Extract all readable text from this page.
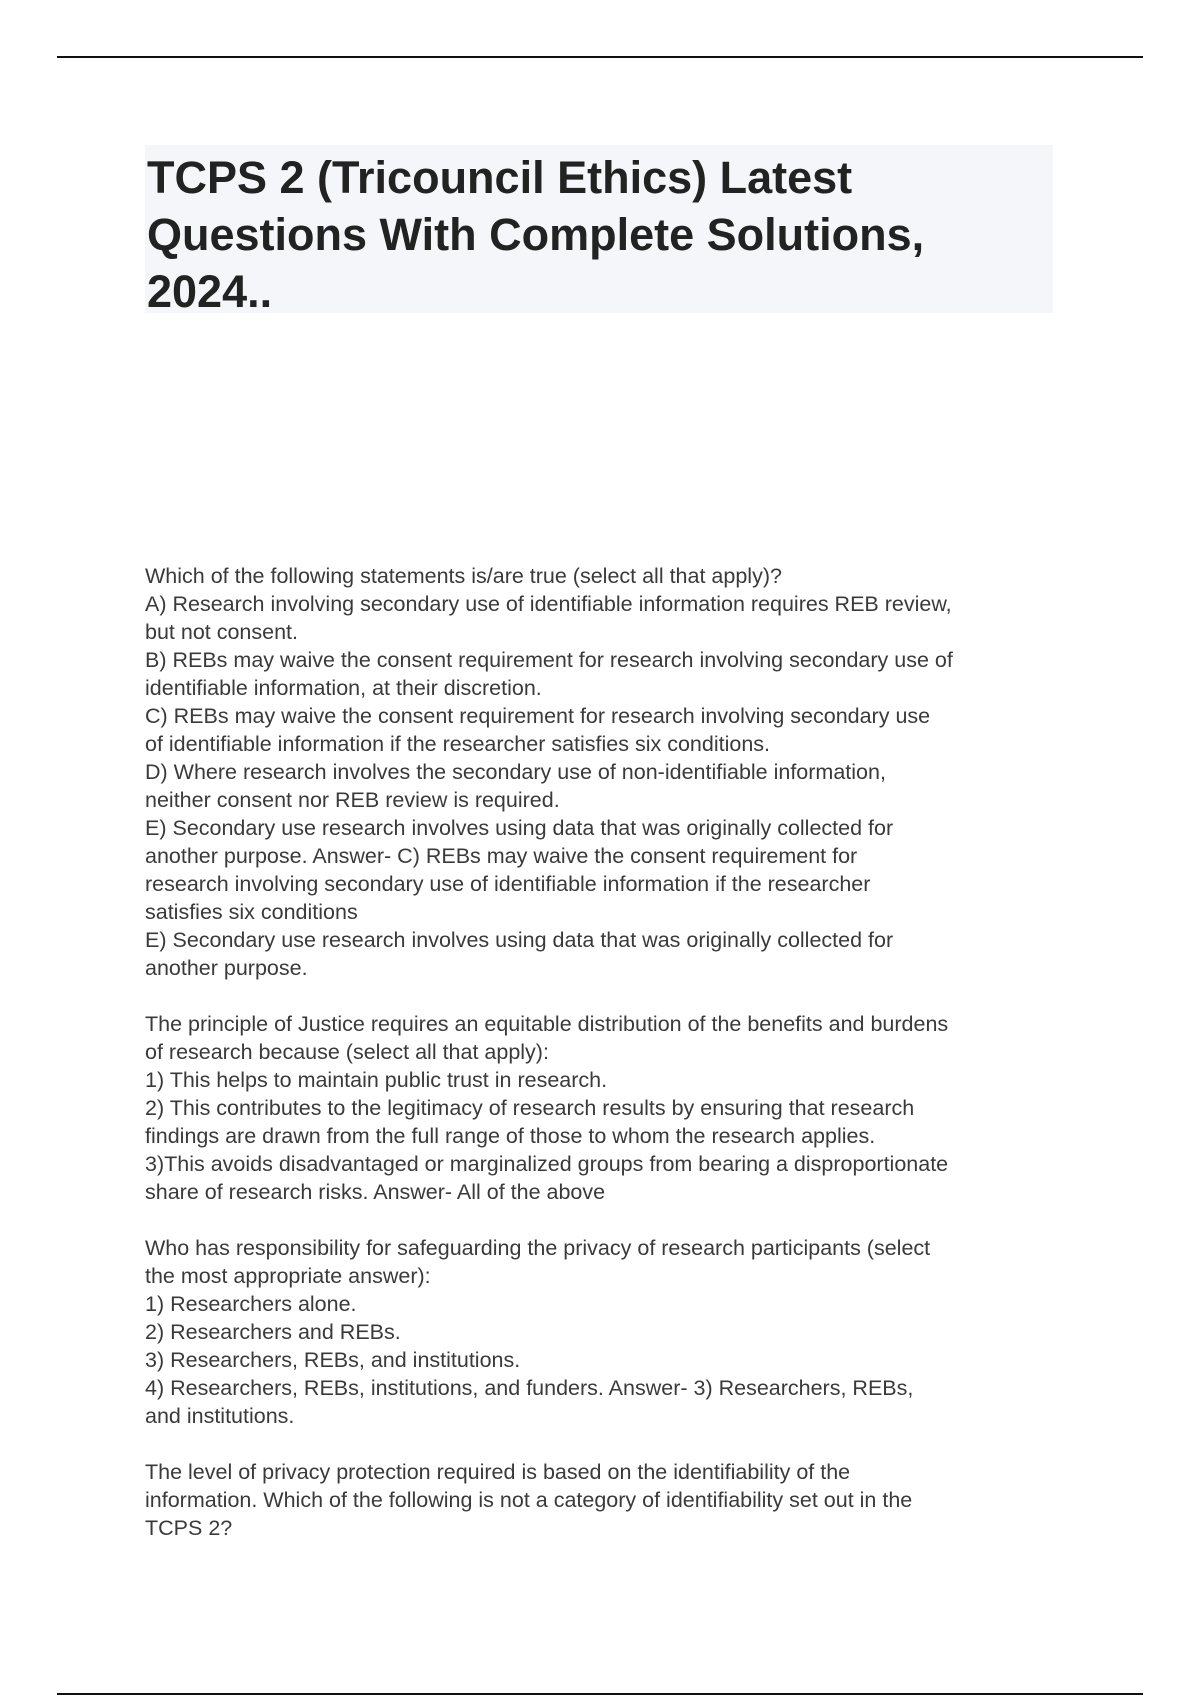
TCPS 2 (Tricouncil Ethics) Latest
Questions With Complete Solutions,
2024..
Which of the following statements is/are true (select all that apply)?
A) Research involving secondary use of identifiable information requires REB review,
but not consent.
B) REBs may waive the consent requirement for research involving secondary use of
identifiable information, at their discretion.
C) REBs may waive the consent requirement for research involving secondary use
of identifiable information if the researcher satisfies six conditions.
D) Where research involves the secondary use of non-identifiable information,
neither consent nor REB review is required.
E) Secondary use research involves using data that was originally collected for
another purpose. Answer- C) REBs may waive the consent requirement for
research involving secondary use of identifiable information if the researcher
satisfies six conditions
E) Secondary use research involves using data that was originally collected for
another purpose.
The principle of Justice requires an equitable distribution of the benefits and burdens
of research because (select all that apply):
1) This helps to maintain public trust in research.
2) This contributes to the legitimacy of research results by ensuring that research
findings are drawn from the full range of those to whom the research applies.
3)This avoids disadvantaged or marginalized groups from bearing a disproportionate
share of research risks. Answer- All of the above
Who has responsibility for safeguarding the privacy of research participants (select
the most appropriate answer):
1) Researchers alone.
2) Researchers and REBs.
3) Researchers, REBs, and institutions.
4) Researchers, REBs, institutions, and funders. Answer- 3) Researchers, REBs,
and institutions.
The level of privacy protection required is based on the identifiability of the
information. Which of the following is not a category of identifiability set out in the
TCPS 2?
